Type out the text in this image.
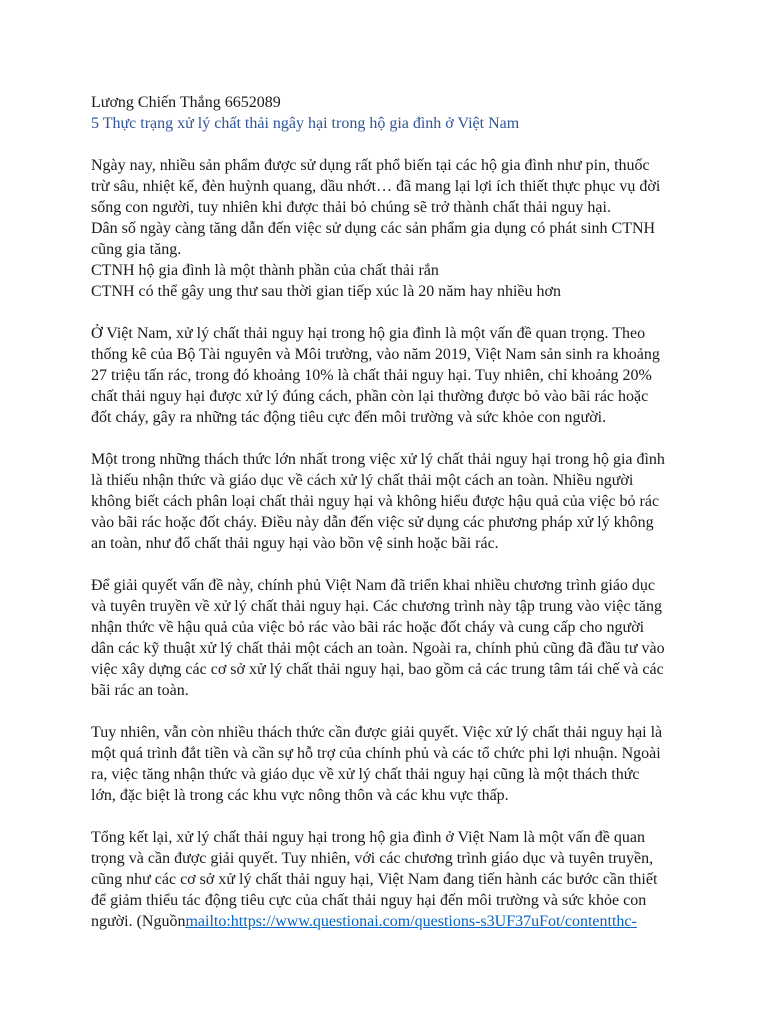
Lương Chiến Thắng 6652089
5 Thực trạng xử lý chất thải ngây hại trong hộ gia đình ở Việt Nam
Ngày nay, nhiều sản phẩm được sử dụng rất phổ biến tại các hộ gia đình như pin, thuốc
trừ sâu, nhiệt kế, đèn huỳnh quang, dầu nhớt… đã mang lại lợi ích thiết thực phục vụ đời
sống con người, tuy nhiên khi được thải bỏ chúng sẽ trở thành chất thải nguy hại.
Dân số ngày càng tăng dẫn đến việc sử dụng các sản phẩm gia dụng có phát sinh CTNH
cũng gia tăng.
CTNH hộ gia đình là một thành phần của chất thải rắn
CTNH có thể gây ung thư sau thời gian tiếp xúc là 20 năm hay nhiều hơn
Ở Việt Nam, xử lý chất thải nguy hại trong hộ gia đình là một vấn đề quan trọng. Theo
thống kê của Bộ Tài nguyên và Môi trường, vào năm 2019, Việt Nam sản sinh ra khoảng
27 triệu tấn rác, trong đó khoảng 10% là chất thải nguy hại. Tuy nhiên, chỉ khoảng 20%
chất thải nguy hại được xử lý đúng cách, phần còn lại thường được bỏ vào bãi rác hoặc
đốt cháy, gây ra những tác động tiêu cực đến môi trường và sức khỏe con người.
Một trong những thách thức lớn nhất trong việc xử lý chất thải nguy hại trong hộ gia đình
là thiếu nhận thức và giáo dục về cách xử lý chất thải một cách an toàn. Nhiều người
không biết cách phân loại chất thải nguy hại và không hiểu được hậu quả của việc bỏ rác
vào bãi rác hoặc đốt cháy. Điều này dẫn đến việc sử dụng các phương pháp xử lý không
an toàn, như đổ chất thải nguy hại vào bồn vệ sinh hoặc bãi rác.
Để giải quyết vấn đề này, chính phủ Việt Nam đã triển khai nhiều chương trình giáo dục
và tuyên truyền về xử lý chất thải nguy hại. Các chương trình này tập trung vào việc tăng
nhận thức về hậu quả của việc bỏ rác vào bãi rác hoặc đốt cháy và cung cấp cho người
dân các kỹ thuật xử lý chất thải một cách an toàn. Ngoài ra, chính phủ cũng đã đầu tư vào
việc xây dựng các cơ sở xử lý chất thải nguy hại, bao gồm cả các trung tâm tái chế và các
bãi rác an toàn.
Tuy nhiên, vẫn còn nhiều thách thức cần được giải quyết. Việc xử lý chất thải nguy hại là
một quá trình đắt tiền và cần sự hỗ trợ của chính phủ và các tổ chức phi lợi nhuận. Ngoài
ra, việc tăng nhận thức và giáo dục về xử lý chất thải nguy hại cũng là một thách thức
lớn, đặc biệt là trong các khu vực nông thôn và các khu vực thấp.
Tổng kết lại, xử lý chất thải nguy hại trong hộ gia đình ở Việt Nam là một vấn đề quan
trọng và cần được giải quyết. Tuy nhiên, với các chương trình giáo dục và tuyên truyền,
cũng như các cơ sở xử lý chất thải nguy hại, Việt Nam đang tiến hành các bước cần thiết
để giảm thiểu tác động tiêu cực của chất thải nguy hại đến môi trường và sức khỏe con
người. (Nguồnmailto:https://www.questionai.com/questions-s3UF37uFot/contentthc-
